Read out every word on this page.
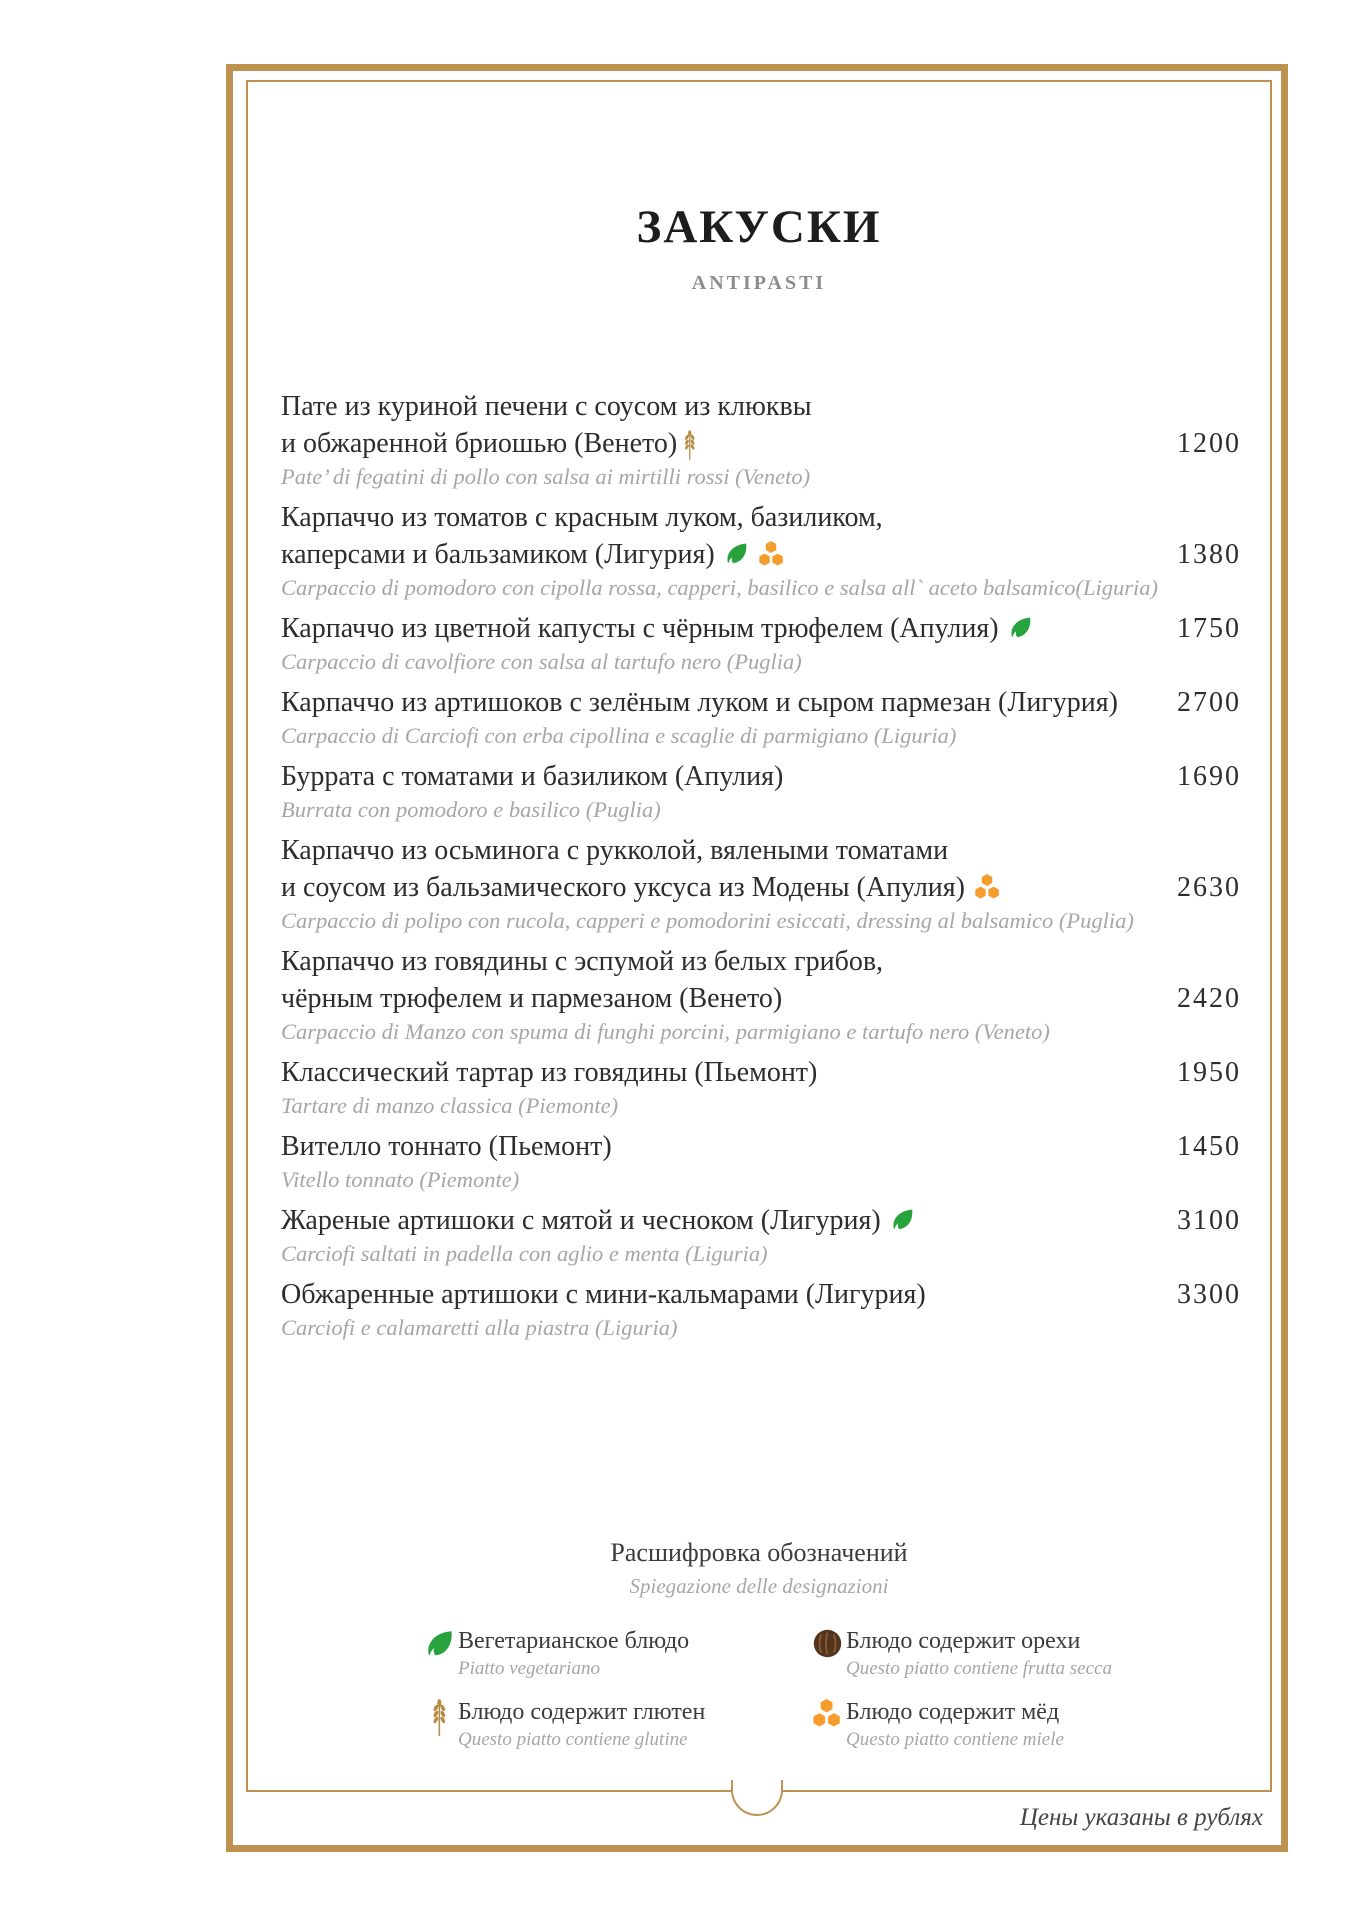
ЗАКУСКИ
ANTIPASTI
Пате из куриной печени с соусом из клюквы
1200
и обжаренной бриошью (Венето)
Pate’ di fegatini di pollo con salsa ai mirtilli rossi (Veneto)
Карпаччо из томатов с красным луком, базиликом,
1380
каперсами и бальзамиком (Лигурия)
Carpaccio di pomodoro con cipolla rossa, capperi, basilico e salsa all` aceto balsamico(Liguria)
1750
Карпаччо из цветной капусты с чёрным трюфелем (Апулия)
Carpaccio di cavolfiore con salsa al tartufo nero (Puglia)
2700
Карпаччо из артишоков с зелёным луком и сыром пармезан (Лигурия)
Carpaccio di Carciofi con erba cipollina e scaglie di parmigiano (Liguria)
1690
Буррата с томатами и базиликом (Апулия)
Burrata con pomodoro e basilico (Puglia)
Карпаччо из осьминога с рукколой, вялеными томатами
2630
и соусом из бальзамического уксуса из Модены (Апулия)
Carpaccio di polipo con rucola, capperi e pomodorini esiccati, dressing al balsamico (Puglia)
Карпаччо из говядины с эспумой из белых грибов,
2420
чёрным трюфелем и пармезаном (Венето)
Carpaccio di Manzo con spuma di funghi porcini, parmigiano e tartufo nero (Veneto)
1950
Классический тартар из говядины (Пьемонт)
Tartare di manzo classica (Piemonte)
1450
Вителло тоннато (Пьемонт)
Vitello tonnato (Piemonte)
3100
Жареные артишоки с мятой и чесноком (Лигурия)
Carciofi saltati in padella con aglio e menta (Liguria)
3300
Обжаренные артишоки с мини-кальмарами (Лигурия)
Carciofi e calamaretti alla piastra (Liguria)
Расшифровка обозначений
Spiegazione delle designazioni
Вегетарианское блюдо
Piatto vegetariano
Блюдо содержит глютен
Questo piatto contiene glutine
Блюдо содержит орехи
Questo piatto contiene frutta secca
Блюдо содержит мёд
Questo piatto contiene miele
Цены указаны в рублях
